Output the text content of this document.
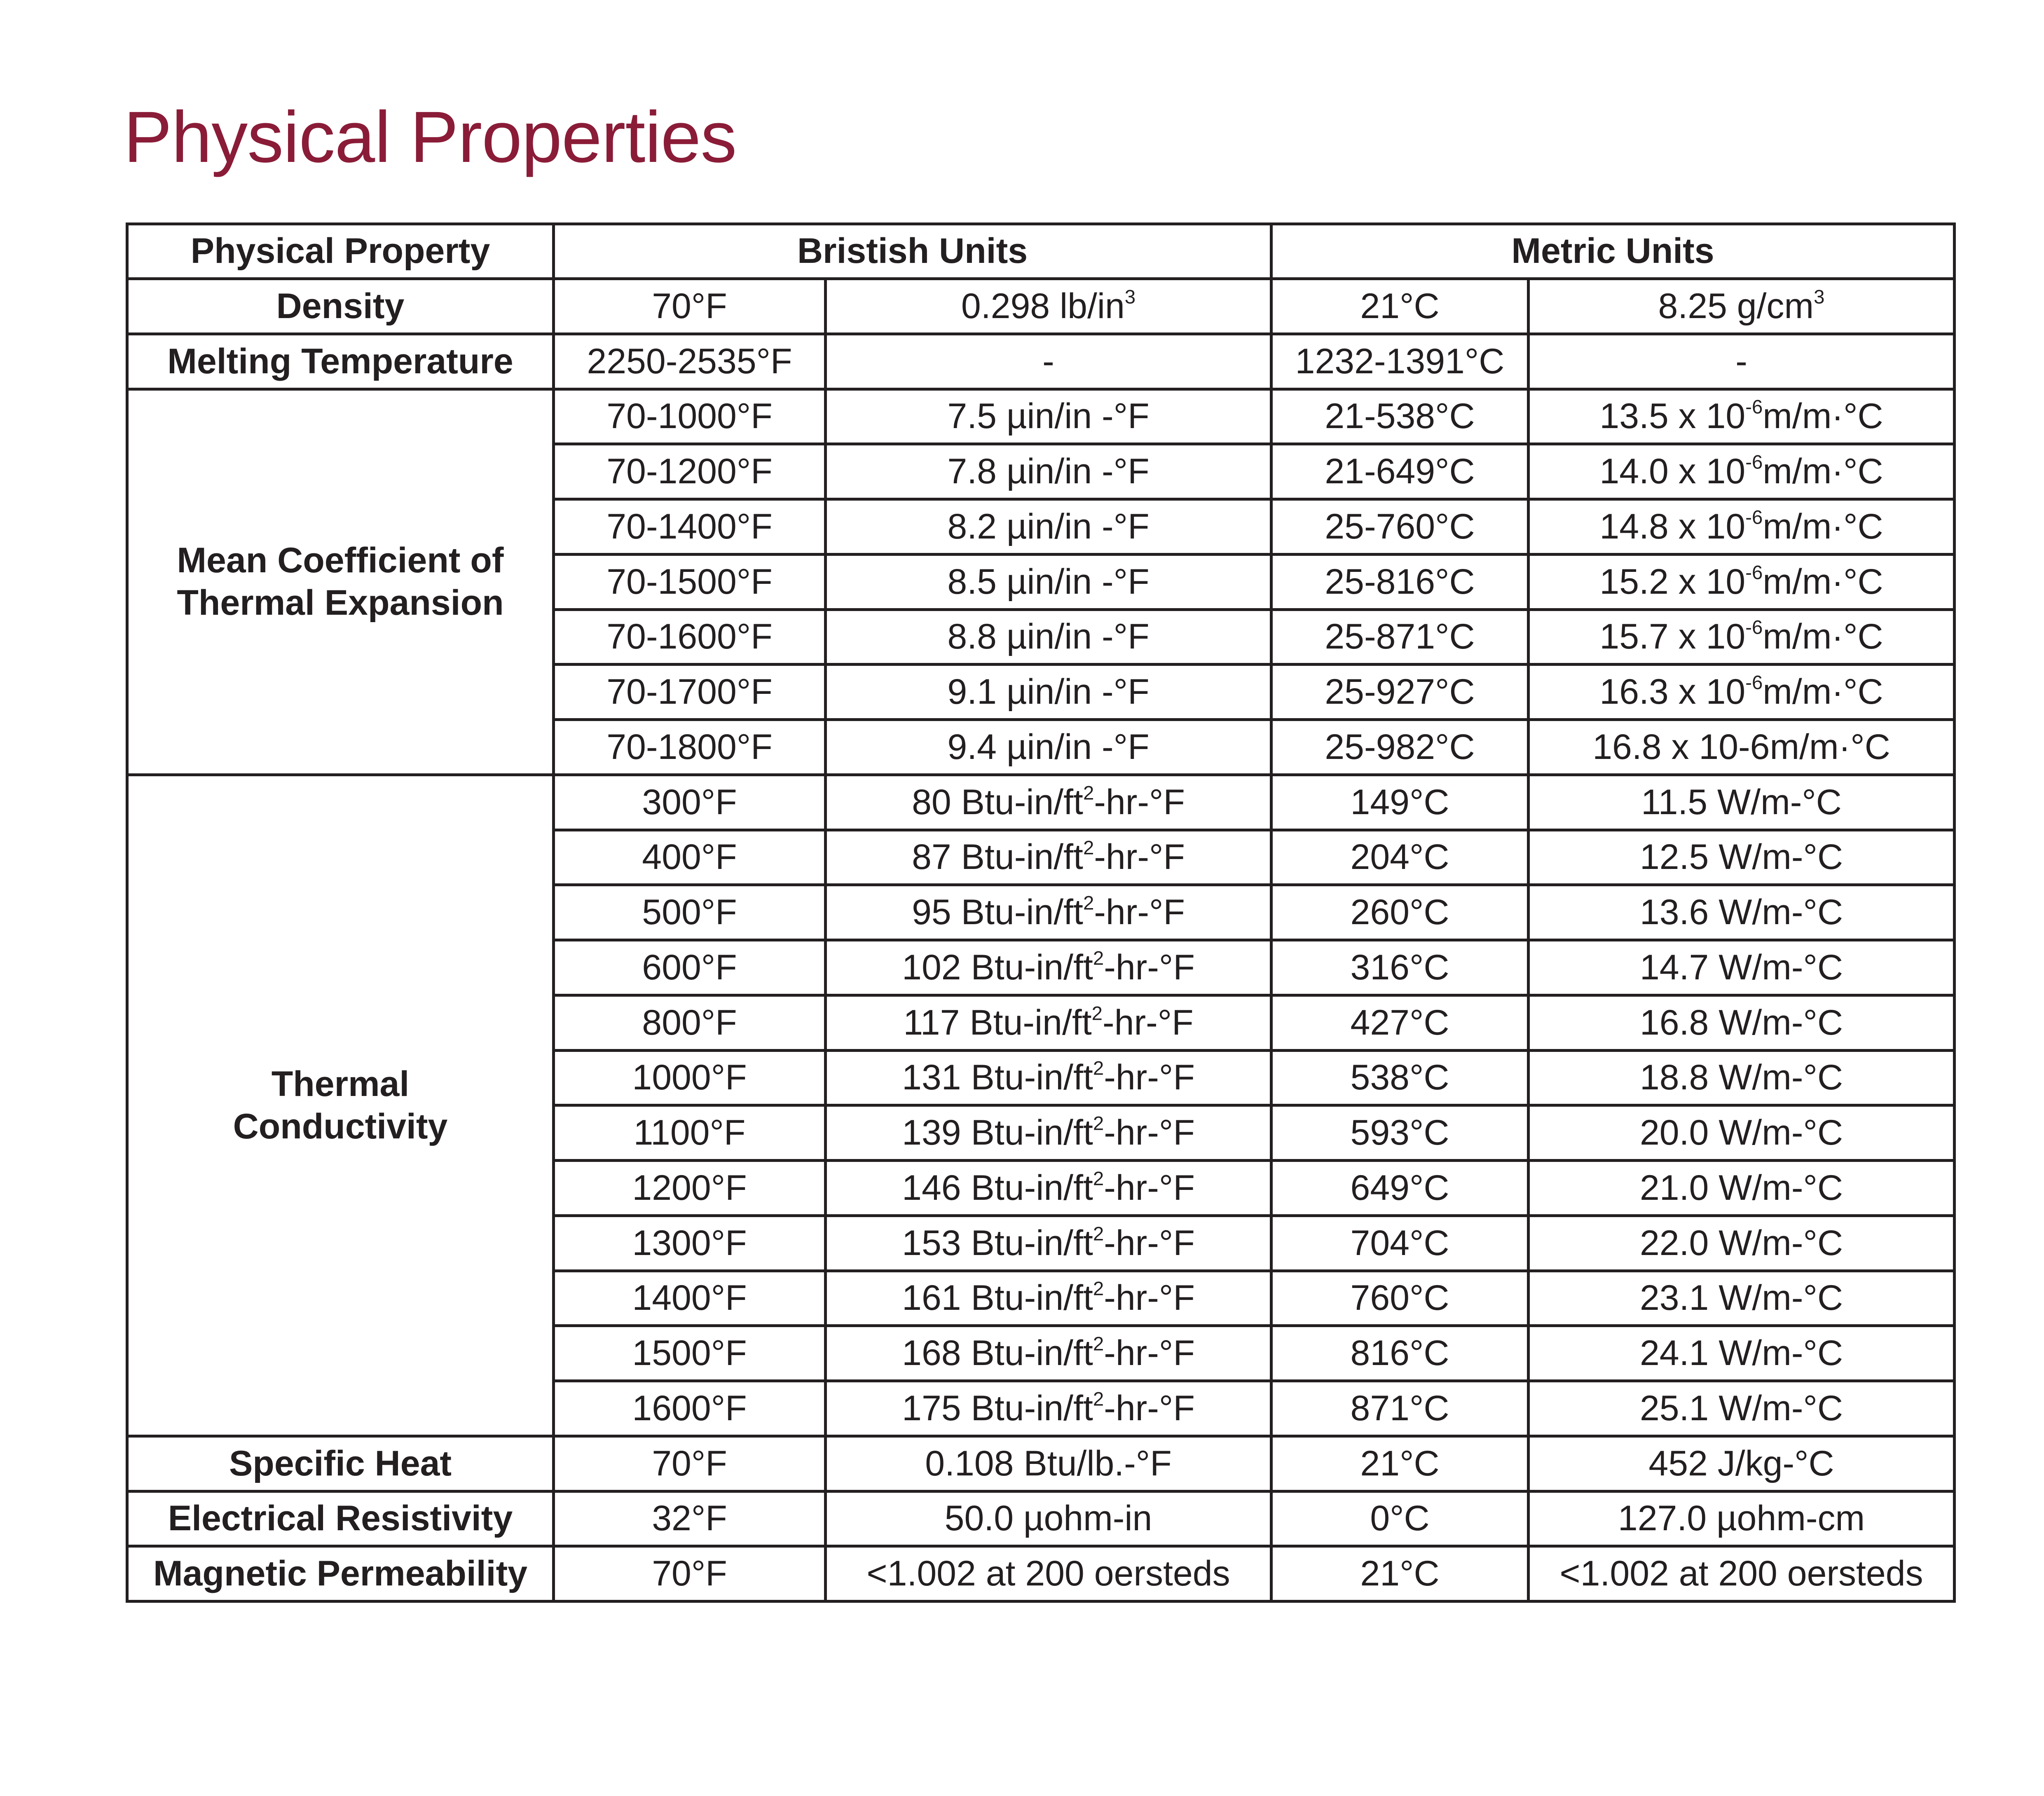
Physical Properties
Physical Property	Bristish Units		Metric Units	
Density	70°F	0.298 $lb/in^3$	21°C	8.25 $g/cm^3$
Melting Temperature	2250-2535°F	-	1232-1391°C	-
Mean Coefficient of Thermal Expansion	70-1000°F	7.5 µin/in -°F	21-538°C	13.5 x $10^{-6}m/m\cdot^\circ C$
	70-1200°F	7.8 µin/in -°F	21-649°C	14.0 x $10^{-6}m/m\cdot^\circ C$
	70-1400°F	8.2 µin/in -°F	25-760°C	14.8 x $10^{-6}m/m\cdot^\circ C$
	70-1500°F	8.5 µin/in -°F	25-816°C	15.2 x $10^{-6}m/m\cdot^\circ C$
	70-1600°F	8.8 µin/in -°F	25-871°C	15.7 x $10^{-6}m/m\cdot^\circ C$
	70-1700°F	9.1 µin/in -°F	25-927°C	16.3 x $10^{-6}m/m\cdot^\circ C$
	70-1800°F	9.4 µin/in -°F	25-982°C	16.8 x 10-6m/m·°C
Thermal Conductivity	300°F	80 Btu-$in/ft^2-hr-^\circ F$	149°C	11.5 W/m-°C
	400°F	87 Btu-$in/ft^2-hr-^\circ F$	204°C	12.5 W/m-°C
	500°F	95 Btu-$in/ft^2-hr-^\circ F$	260°C	13.6 W/m-°C
	600°F	102 Btu-$in/ft^2-hr-^\circ F$	316°C	14.7 W/m-°C
	800°F	117 Btu-$in/ft^2-hr-^\circ F$	427°C	16.8 W/m-°C
	1000°F	131 Btu-$in/ft^2-hr-^\circ F$	538°C	18.8 W/m-°C
	1100°F	139 Btu-$in/ft^2-hr-^\circ F$	593°C	20.0 W/m-°C
	1200°F	146 Btu-$in/ft^2-hr-^\circ F$	649°C	21.0 W/m-°C
	1300°F	153 Btu-$in/ft^2-hr-^\circ F$	704°C	22.0 W/m-°C
	1400°F	161 Btu-$in/ft^2-hr-^\circ F$	760°C	23.1 W/m-°C
	1500°F	168 Btu-$in/ft^2-hr-^\circ F$	816°C	24.1 W/m-°C
	1600°F	175 Btu-$in/ft^2-hr-^\circ F$	871°C	25.1 W/m-°C
Specific Heat	70°F	0.108 Btu/lb.-°F	21°C	452 J/kg-°C
Electrical Resistivity	32°F	50.0 µohm-in	0°C	127.0 µohm-cm
Magnetic Permeability	70°F	<1.002 at 200 oersteds	21°C	<1.002 at 200 oersteds
